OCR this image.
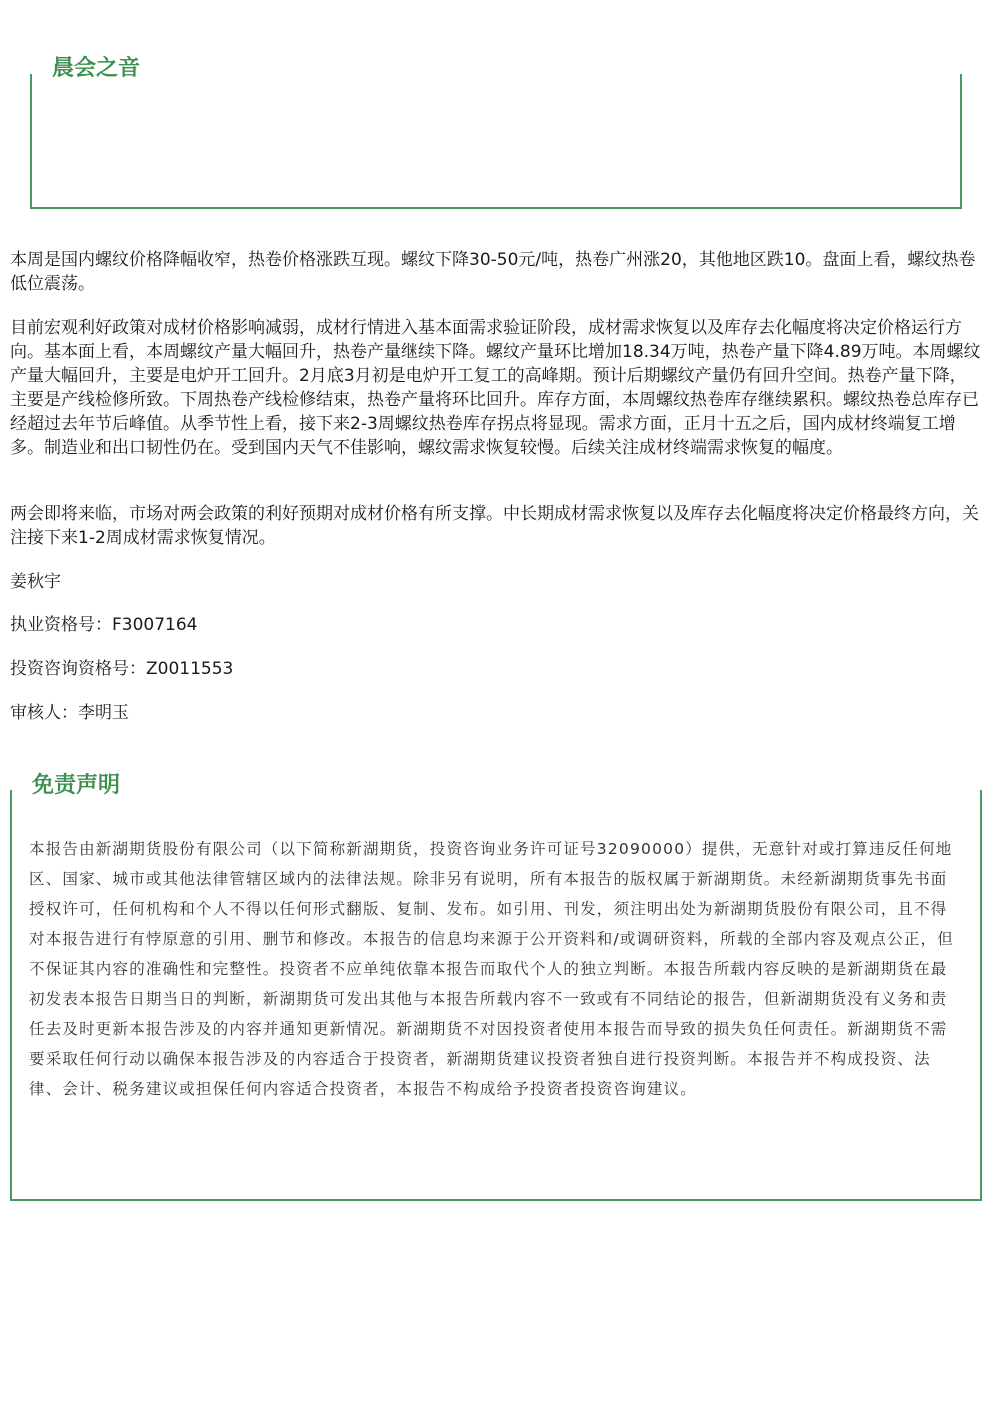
晨会之音

本周是国内螺纹价格降幅收窄，热卷价格涨跌互现。螺纹下降30-50元/吨，热卷广州涨20，其他地区跌10。盘面上看，螺纹热卷低位震荡。

目前宏观利好政策对成材价格影响减弱，成材行情进入基本面需求验证阶段，成材需求恢复以及库存去化幅度将决定价格运行方向。基本面上看，本周螺纹产量大幅回升，热卷产量继续下降。螺纹产量环比增加18.34万吨，热卷产量下降4.89万吨。本周螺纹产量大幅回升，主要是电炉开工回升。2月底3月初是电炉开工复工的高峰期。预计后期螺纹产量仍有回升空间。热卷产量下降，主要是产线检修所致。下周热卷产线检修结束，热卷产量将环比回升。库存方面，本周螺纹热卷库存继续累积。螺纹热卷总库存已经超过去年节后峰值。从季节性上看，接下来2-3周螺纹热卷库存拐点将显现。需求方面，正月十五之后，国内成材终端复工增多。制造业和出口韧性仍在。受到国内天气不佳影响，螺纹需求恢复较慢。后续关注成材终端需求恢复的幅度。

两会即将来临，市场对两会政策的利好预期对成材价格有所支撑。中长期成材需求恢复以及库存去化幅度将决定价格最终方向，关注接下来1-2周成材需求恢复情况。

姜秋宇

执业资格号：F3007164

投资咨询资格号：Z0011553

审核人：李明玉

免责声明

本报告由新湖期货股份有限公司（以下简称新湖期货，投资咨询业务许可证号32090000）提供，无意针对或打算违反任何地区、国家、城市或其他法律管辖区域内的法律法规。除非另有说明，所有本报告的版权属于新湖期货。未经新湖期货事先书面授权许可，任何机构和个人不得以任何形式翻版、复制、发布。如引用、刊发，须注明出处为新湖期货股份有限公司，且不得对本报告进行有悖原意的引用、删节和修改。本报告的信息均来源于公开资料和/或调研资料，所载的全部内容及观点公正，但不保证其内容的准确性和完整性。投资者不应单纯依靠本报告而取代个人的独立判断。本报告所载内容反映的是新湖期货在最初发表本报告日期当日的判断，新湖期货可发出其他与本报告所载内容不一致或有不同结论的报告，但新湖期货没有义务和责任去及时更新本报告涉及的内容并通知更新情况。新湖期货不对因投资者使用本报告而导致的损失负任何责任。新湖期货不需要采取任何行动以确保本报告涉及的内容适合于投资者，新湖期货建议投资者独自进行投资判断。本报告并不构成投资、法律、会计、税务建议或担保任何内容适合投资者，本报告不构成给予投资者投资咨询建议。
